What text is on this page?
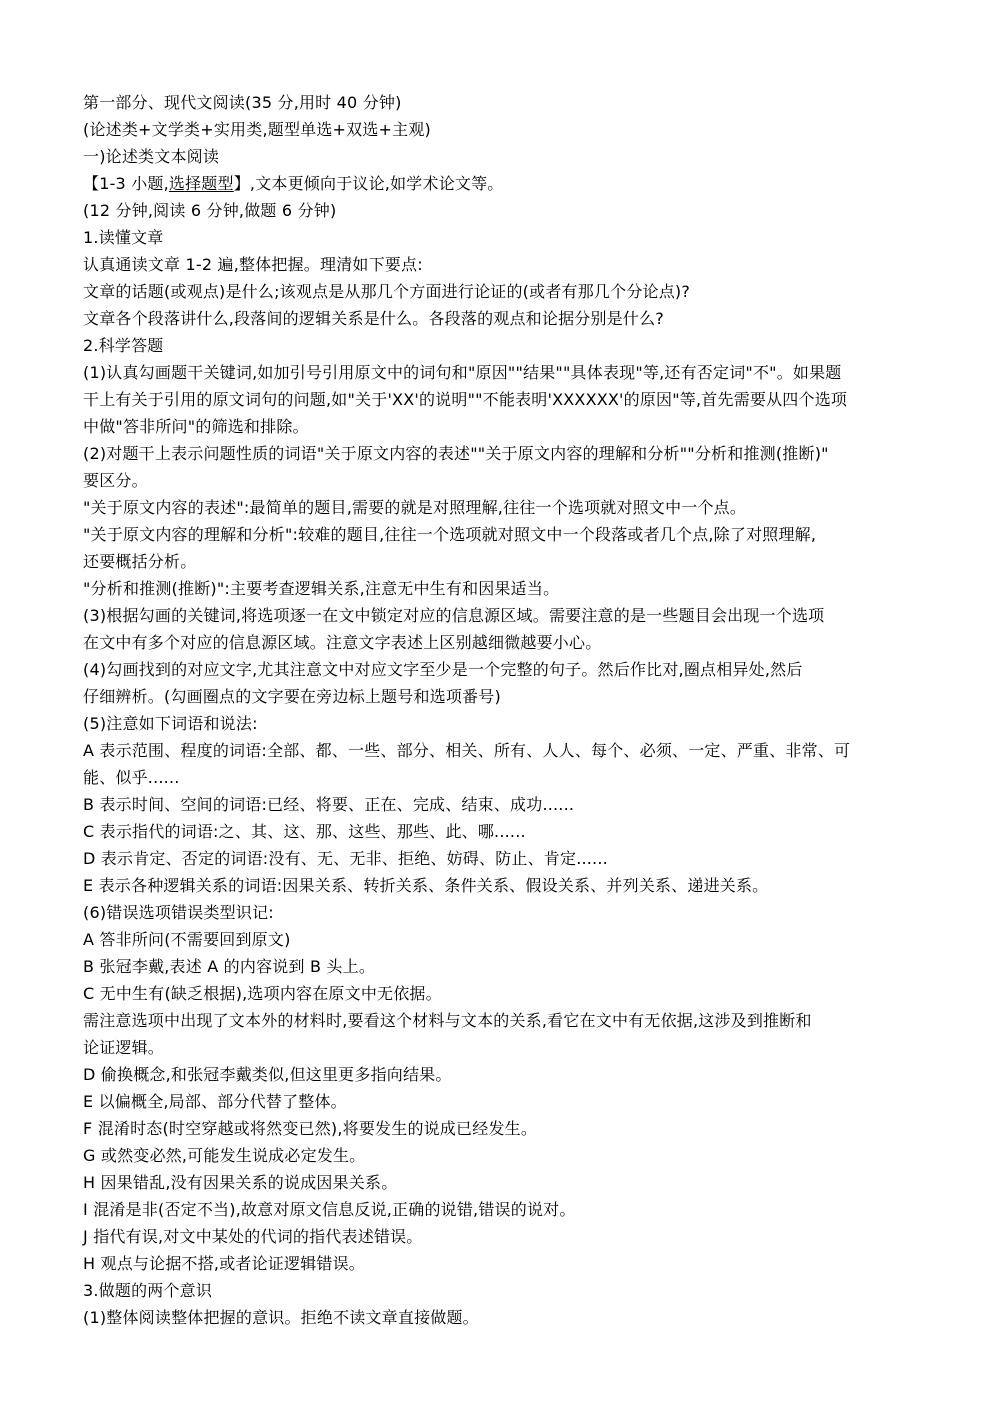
第一部分、现代文阅读(35 分,用时 40 分钟)
(论述类+文学类+实用类,题型单选+双选+主观)
一)论述类文本阅读
【1-3 小题,选择题型】,文本更倾向于议论,如学术论文等。
(12 分钟,阅读 6 分钟,做题 6 分钟)
1.读懂文章
认真通读文章 1-2 遍,整体把握。理清如下要点:
文章的话题(或观点)是什么;该观点是从那几个方面进行论证的(或者有那几个分论点)?
文章各个段落讲什么,段落间的逻辑关系是什么。各段落的观点和论据分别是什么?
2.科学答题
(1)认真勾画题干关键词,如加引号引用原文中的词句和"原因""结果""具体表现"等,还有否定词"不"。如果题
干上有关于引用的原文词句的问题,如"关于'XX'的说明""不能表明'XXXXXX'的原因"等,首先需要从四个选项
中做"答非所问"的筛选和排除。
(2)对题干上表示问题性质的词语"关于原文内容的表述""关于原文内容的理解和分析""分析和推测(推断)"
要区分。
"关于原文内容的表述":最简单的题目,需要的就是对照理解,往往一个选项就对照文中一个点。
"关于原文内容的理解和分析":较难的题目,往往一个选项就对照文中一个段落或者几个点,除了对照理解,
还要概括分析。
"分析和推测(推断)":主要考查逻辑关系,注意无中生有和因果适当。
(3)根据勾画的关键词,将选项逐一在文中锁定对应的信息源区域。需要注意的是一些题目会出现一个选项
在文中有多个对应的信息源区域。注意文字表述上区别越细微越要小心。
(4)勾画找到的对应文字,尤其注意文中对应文字至少是一个完整的句子。然后作比对,圈点相异处,然后
仔细辨析。(勾画圈点的文字要在旁边标上题号和选项番号)
(5)注意如下词语和说法:
A 表示范围、程度的词语:全部、都、一些、部分、相关、所有、人人、每个、必须、一定、严重、非常、可
能、似乎......
B 表示时间、空间的词语:已经、将要、正在、完成、结束、成功......
C 表示指代的词语:之、其、这、那、这些、那些、此、哪......
D 表示肯定、否定的词语:没有、无、无非、拒绝、妨碍、防止、肯定......
E 表示各种逻辑关系的词语:因果关系、转折关系、条件关系、假设关系、并列关系、递进关系。
(6)错误选项错误类型识记:
A 答非所问(不需要回到原文)
B 张冠李戴,表述 A 的内容说到 B 头上。
C 无中生有(缺乏根据),选项内容在原文中无依据。
需注意选项中出现了文本外的材料时,要看这个材料与文本的关系,看它在文中有无依据,这涉及到推断和
论证逻辑。
D 偷换概念,和张冠李戴类似,但这里更多指向结果。
E 以偏概全,局部、部分代替了整体。
F 混淆时态(时空穿越或将然变已然),将要发生的说成已经发生。
G 或然变必然,可能发生说成必定发生。
H 因果错乱,没有因果关系的说成因果关系。
I 混淆是非(否定不当),故意对原文信息反说,正确的说错,错误的说对。
J 指代有误,对文中某处的代词的指代表述错误。
H 观点与论据不搭,或者论证逻辑错误。
3.做题的两个意识
(1)整体阅读整体把握的意识。拒绝不读文章直接做题。
